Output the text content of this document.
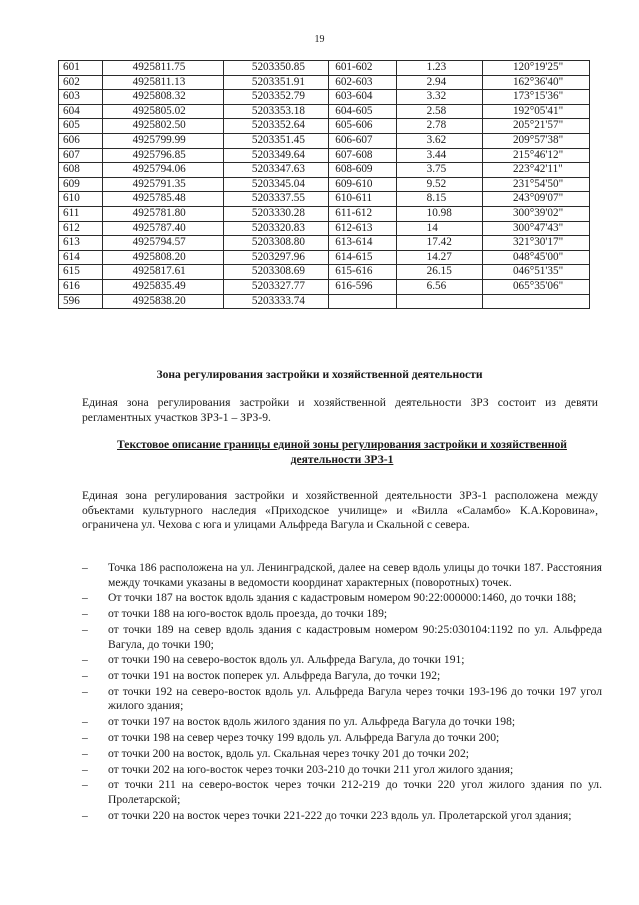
19
601	4925811.75	5203350.85	601-602	1.23	120°19'25"
602	4925811.13	5203351.91	602-603	2.94	162°36'40"
603	4925808.32	5203352.79	603-604	3.32	173°15'36"
604	4925805.02	5203353.18	604-605	2.58	192°05'41"
605	4925802.50	5203352.64	605-606	2.78	205°21'57"
606	4925799.99	5203351.45	606-607	3.62	209°57'38"
607	4925796.85	5203349.64	607-608	3.44	215°46'12"
608	4925794.06	5203347.63	608-609	3.75	223°42'11"
609	4925791.35	5203345.04	609-610	9.52	231°54'50"
610	4925785.48	5203337.55	610-611	8.15	243°09'07"
611	4925781.80	5203330.28	611-612	10.98	300°39'02"
612	4925787.40	5203320.83	612-613	14	300°47'43"
613	4925794.57	5203308.80	613-614	17.42	321°30'17"
614	4925808.20	5203297.96	614-615	14.27	048°45'00"
615	4925817.61	5203308.69	615-616	26.15	046°51'35"
616	4925835.49	5203327.77	616-596	6.56	065°35'06"
596	4925838.20	5203333.74			
Зона регулирования застройки и хозяйственной деятельности
Единая зона регулирования застройки и хозяйственной деятельности ЗРЗ состоит из девяти регламентных участков ЗРЗ-1 – ЗРЗ-9.
Текстовое описание границы единой зоны регулирования застройки и хозяйственной деятельности ЗРЗ-1
Единая зона регулирования застройки и хозяйственной деятельности ЗРЗ-1 расположена между объектами культурного наследия «Приходское училище» и «Вилла «Саламбо» К.А.Коровина», ограничена ул. Чехова с юга и улицами Альфреда Вагула и Скальной с севера.
– Точка 186 расположена на ул. Ленинградской, далее на север вдоль улицы до точки 187. Расстояния между точками указаны в ведомости координат характерных (поворотных) точек.
– От точки 187 на восток вдоль здания с кадастровым номером 90:22:000000:1460, до точки 188;
– от точки 188 на юго-восток вдоль проезда, до точки 189;
– от точки 189 на север вдоль здания с кадастровым номером 90:25:030104:1192 по ул. Альфреда Вагула, до точки 190;
– от точки 190 на северо-восток вдоль ул. Альфреда Вагула, до точки 191;
– от точки 191 на восток поперек ул. Альфреда Вагула, до точки 192;
– от точки 192 на северо-восток вдоль ул. Альфреда Вагула через точки 193-196 до точки 197 угол жилого здания;
– от точки 197 на восток вдоль жилого здания по ул. Альфреда Вагула до точки 198;
– от точки 198 на север через точку 199 вдоль ул. Альфреда Вагула до точки 200;
– от точки 200 на восток, вдоль ул. Скальная через точку 201 до точки 202;
– от точки 202 на юго-восток через точки 203-210 до точки 211 угол жилого здания;
– от точки 211 на северо-восток через точки 212-219 до точки 220 угол жилого здания по ул. Пролетарской;
– от точки 220 на восток через точки 221-222 до точки 223 вдоль ул. Пролетарской угол здания;
